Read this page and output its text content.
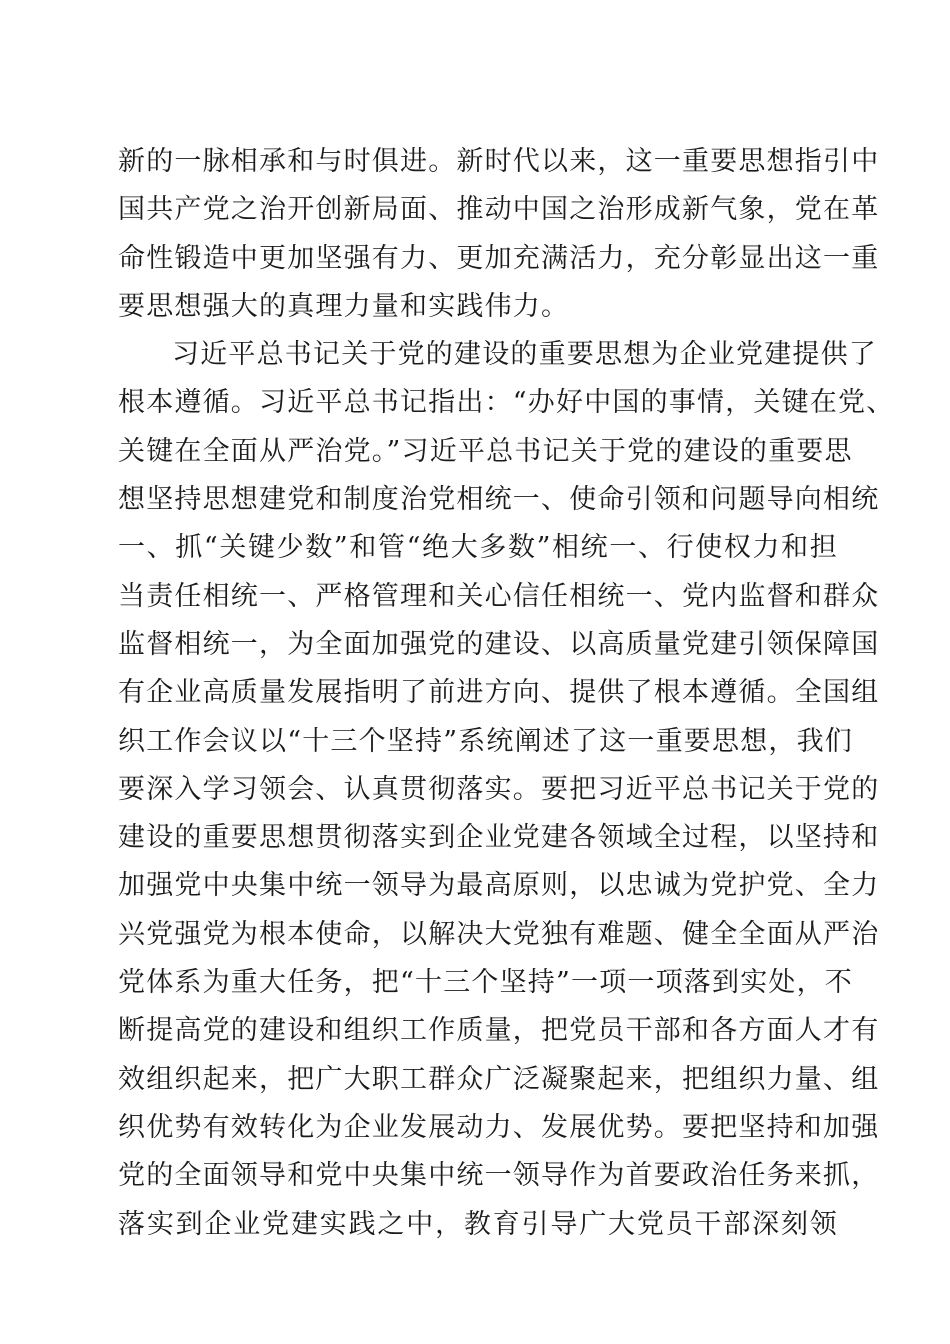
新的一脉相承和与时俱进。新时代以来，这一重要思想指引中
国共产党之治开创新局面、推动中国之治形成新气象，党在革
命性锻造中更加坚强有力、更加充满活力，充分彰显出这一重
要思想强大的真理力量和实践伟力。
习近平总书记关于党的建设的重要思想为企业党建提供了
根本遵循。习近平总书记指出：“办好中国的事情，关键在党、
关键在全面从严治党。”习近平总书记关于党的建设的重要思
想坚持思想建党和制度治党相统一、使命引领和问题导向相统
一、抓“关键少数”和管“绝大多数”相统一、行使权力和担
当责任相统一、严格管理和关心信任相统一、党内监督和群众
监督相统一，为全面加强党的建设、以高质量党建引领保障国
有企业高质量发展指明了前进方向、提供了根本遵循。全国组
织工作会议以“十三个坚持”系统阐述了这一重要思想，我们
要深入学习领会、认真贯彻落实。要把习近平总书记关于党的
建设的重要思想贯彻落实到企业党建各领域全过程，以坚持和
加强党中央集中统一领导为最高原则，以忠诚为党护党、全力
兴党强党为根本使命，以解决大党独有难题、健全全面从严治
党体系为重大任务，把“十三个坚持”一项一项落到实处，不
断提高党的建设和组织工作质量，把党员干部和各方面人才有
效组织起来，把广大职工群众广泛凝聚起来，把组织力量、组
织优势有效转化为企业发展动力、发展优势。要把坚持和加强
党的全面领导和党中央集中统一领导作为首要政治任务来抓，
落实到企业党建实践之中，教育引导广大党员干部深刻领
